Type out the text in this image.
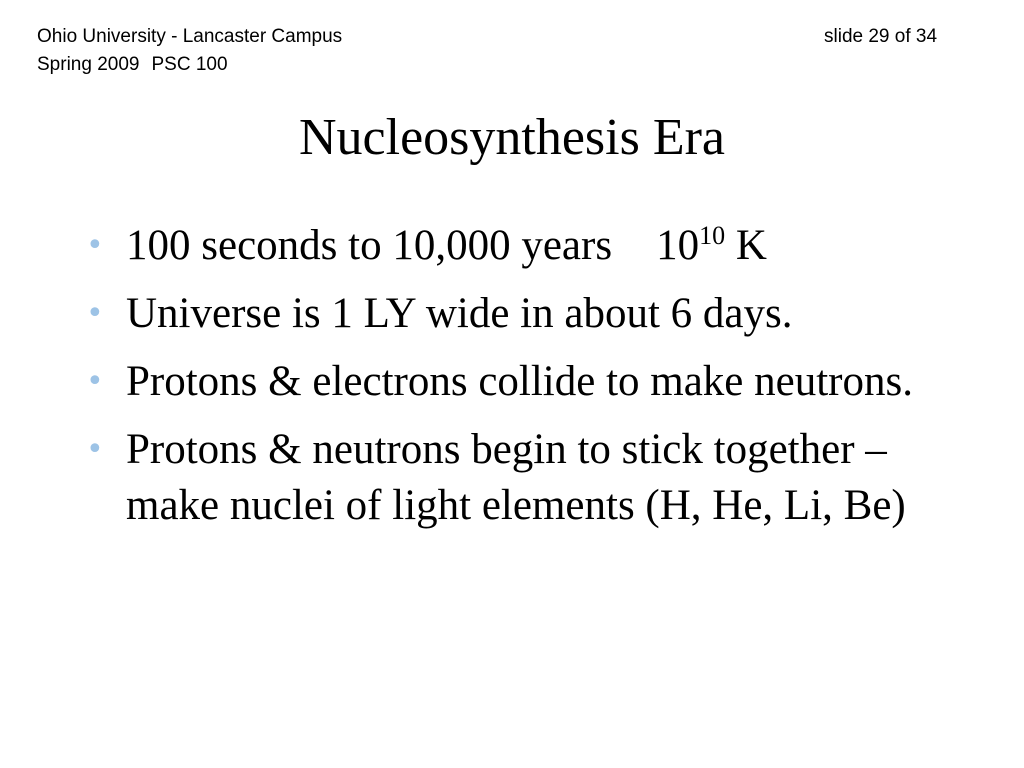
Ohio University - Lancaster Campus
Spring 2009 PSC 100
slide 29 of 34
Nucleosynthesis Era
• 100 seconds to 10,000 years $10^{10}$ K
• Universe is 1 LY wide in about 6 days.
• Protons & electrons collide to make neutrons.
• Protons & neutrons begin to stick together – make nuclei of light elements (H, He, Li, Be)
